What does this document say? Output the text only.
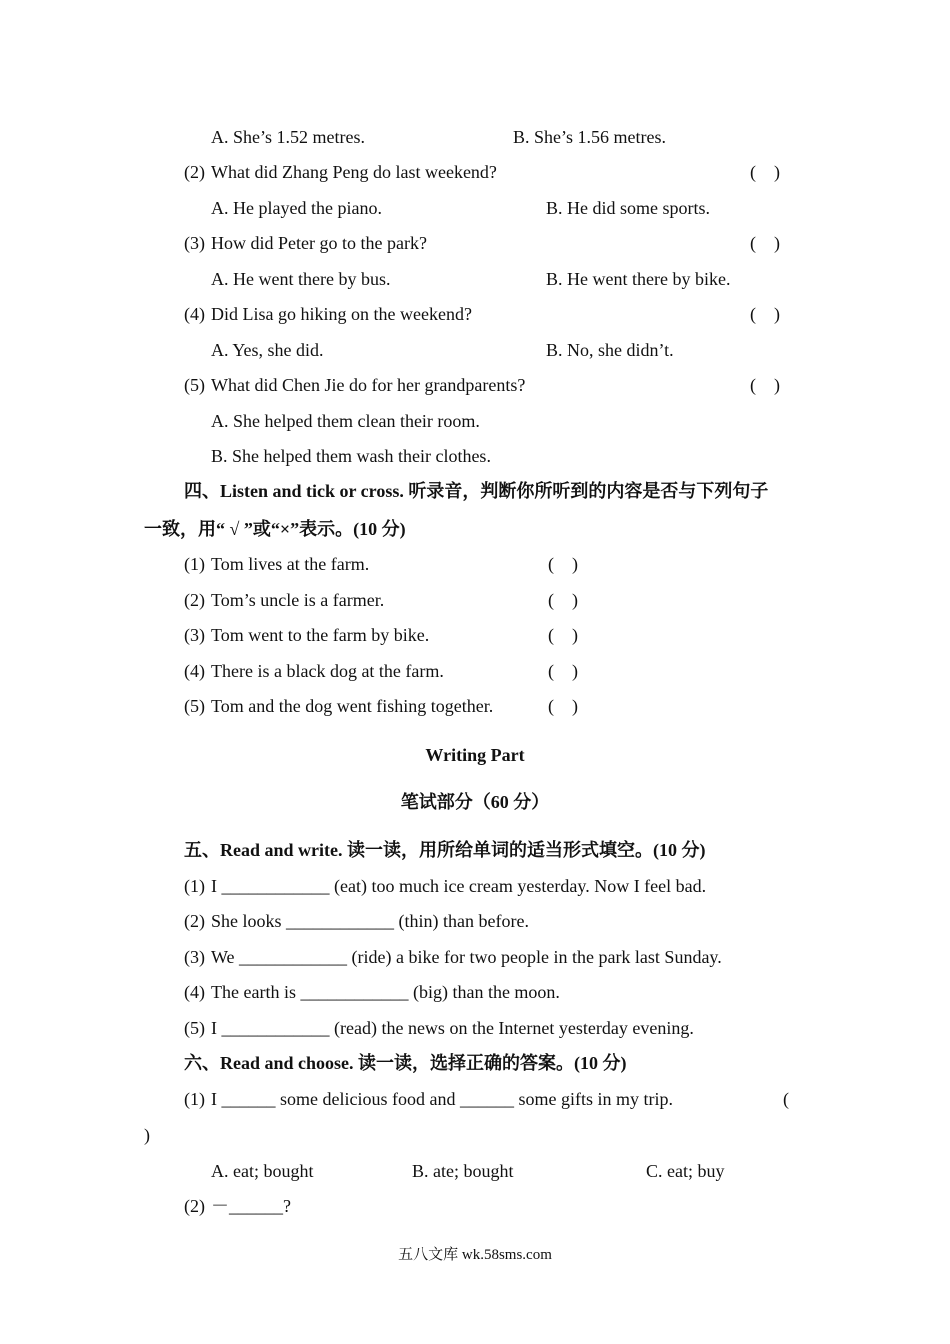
A. She’s 1.52 metres.	B. She’s 1.56 metres.
(2) What did Zhang Peng do last weekend?	(    )
A. He played the piano.	B. He did some sports.
(3) How did Peter go to the park?	(    )
A. He went there by bus.	B. He went there by bike.
(4) Did Lisa go hiking on the weekend?	(    )
A. Yes, she did.	B. No, she didn’t.
(5) What did Chen Jie do for her grandparents?	(    )
A. She helped them clean their room.
B. She helped them wash their clothes.
四、Listen and tick or cross. 听录音，判断你所听到的内容是否与下列句子
一致，用“ √ ”或“×”表示。(10 分)
(1) Tom lives at the farm.	(    )
(2) Tom’s uncle is a farmer.	(    )
(3) Tom went to the farm by bike.	(    )
(4) There is a black dog at the farm.	(    )
(5) Tom and the dog went fishing together.	(    )
Writing Part
笔试部分（60 分）
五、Read and write. 读一读，用所给单词的适当形式填空。(10 分)
(1) I ____________ (eat) too much ice cream yesterday. Now I feel bad.
(2) She looks ____________ (thin) than before.
(3) We ____________ (ride) a bike for two people in the park last Sunday.
(4) The earth is ____________ (big) than the moon.
(5) I ____________ (read) the news on the Internet yesterday evening.
六、Read and choose. 读一读，选择正确的答案。(10 分)
(1) I ______ some delicious food and ______ some gifts in my trip.	(
)
A. eat; bought	B. ate; bought	C. eat; buy
(2) －______?
五八文库 wk.58sms.com
